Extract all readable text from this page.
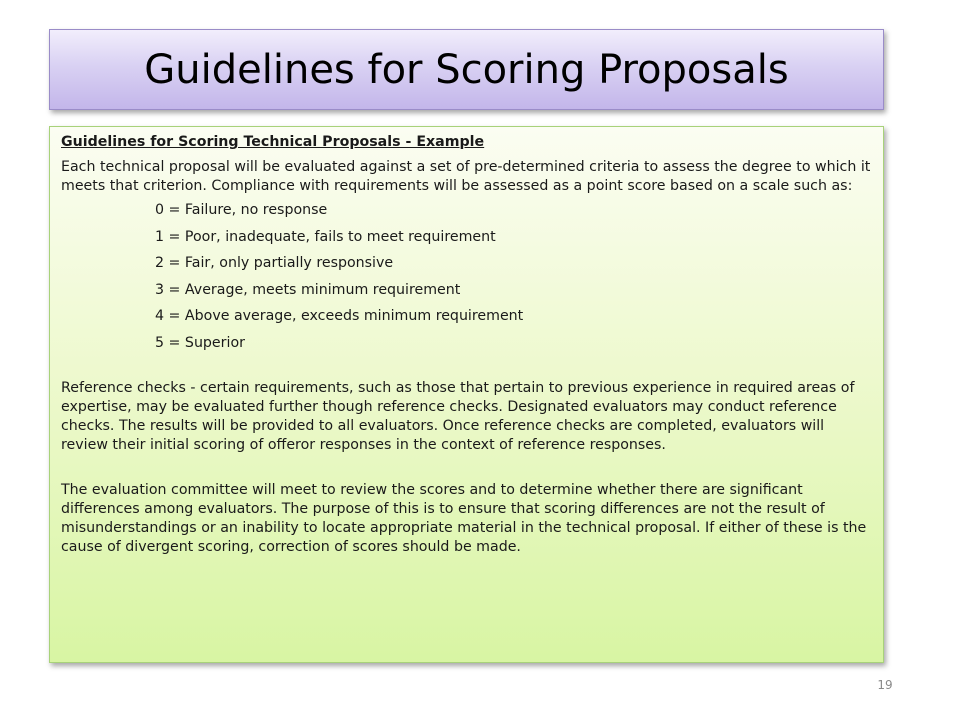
Guidelines for Scoring Proposals

Guidelines for Scoring Technical Proposals - Example

Each technical proposal will be evaluated against a set of pre-determined criteria to assess the degree to which it meets that criterion. Compliance with requirements will be assessed as a point score based on a scale such as:

0 = Failure, no response
1 = Poor, inadequate, fails to meet requirement
2 = Fair, only partially responsive
3 = Average, meets minimum requirement
4 = Above average, exceeds minimum requirement
5 = Superior

Reference checks - certain requirements, such as those that pertain to previous experience in required areas of expertise, may be evaluated further though reference checks. Designated evaluators may conduct reference checks. The results will be provided to all evaluators. Once reference checks are completed, evaluators will review their initial scoring of offeror responses in the context of reference responses.

The evaluation committee will meet to review the scores and to determine whether there are significant differences among evaluators. The purpose of this is to ensure that scoring differences are not the result of misunderstandings or an inability to locate appropriate material in the technical proposal. If either of these is the cause of divergent scoring, correction of scores should be made.

19
